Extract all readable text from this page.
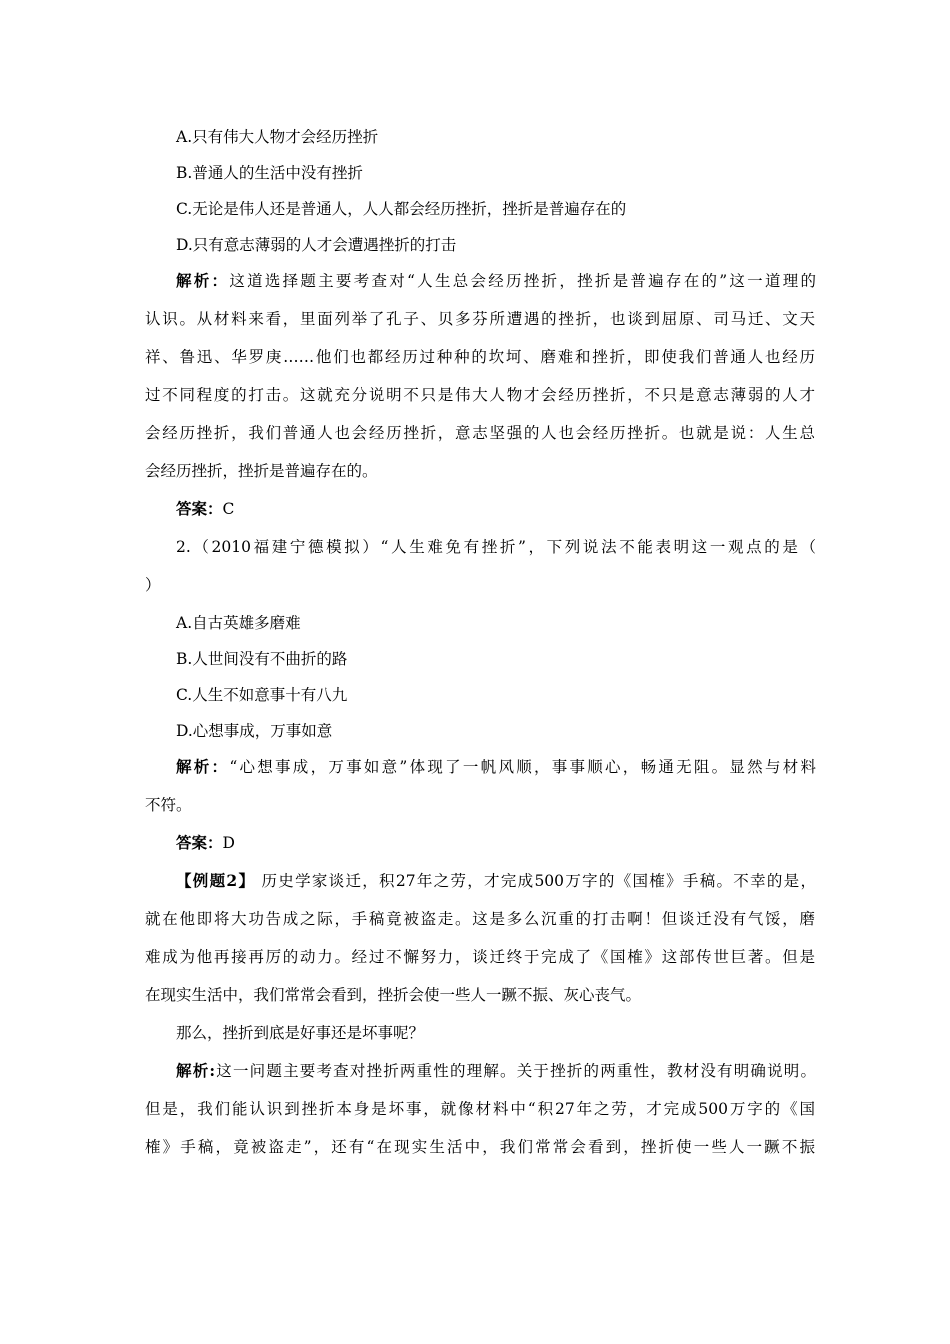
A.只有伟大人物才会经历挫折
B.普通人的生活中没有挫折
C.无论是伟人还是普通人，人人都会经历挫折，挫折是普遍存在的
D.只有意志薄弱的人才会遭遇挫折的打击
解析：这道选择题主要考查对“人生总会经历挫折，挫折是普遍存在的”这一道理的
认识。从材料来看，里面列举了孔子、贝多芬所遭遇的挫折，也谈到屈原、司马迁、文天
祥、鲁迅、华罗庚……他们也都经历过种种的坎坷、磨难和挫折，即使我们普通人也经历
过不同程度的打击。这就充分说明不只是伟大人物才会经历挫折，不只是意志薄弱的人才
会经历挫折，我们普通人也会经历挫折，意志坚强的人也会经历挫折。也就是说：人生总
会经历挫折，挫折是普遍存在的。
答案：C
2.（2010福建宁德模拟）“人生难免有挫折”，下列说法不能表明这一观点的是（
）
A.自古英雄多磨难
B.人世间没有不曲折的路
C.人生不如意事十有八九
D.心想事成，万事如意
解析：“心想事成，万事如意”体现了一帆风顺，事事顺心，畅通无阻。显然与材料
不符。
答案：D
【例题2】 历史学家谈迁，积27年之劳，才完成500万字的《国榷》手稿。不幸的是，
就在他即将大功告成之际，手稿竟被盗走。这是多么沉重的打击啊！但谈迁没有气馁，磨
难成为他再接再厉的动力。经过不懈努力，谈迁终于完成了《国榷》这部传世巨著。但是
在现实生活中，我们常常会看到，挫折会使一些人一蹶不振、灰心丧气。
那么，挫折到底是好事还是坏事呢？
解析:这一问题主要考查对挫折两重性的理解。关于挫折的两重性，教材没有明确说明。
但是，我们能认识到挫折本身是坏事，就像材料中“积27年之劳，才完成500万字的《国
榷》手稿，竟被盗走”，还有“在现实生活中，我们常常会看到，挫折使一些人一蹶不振
